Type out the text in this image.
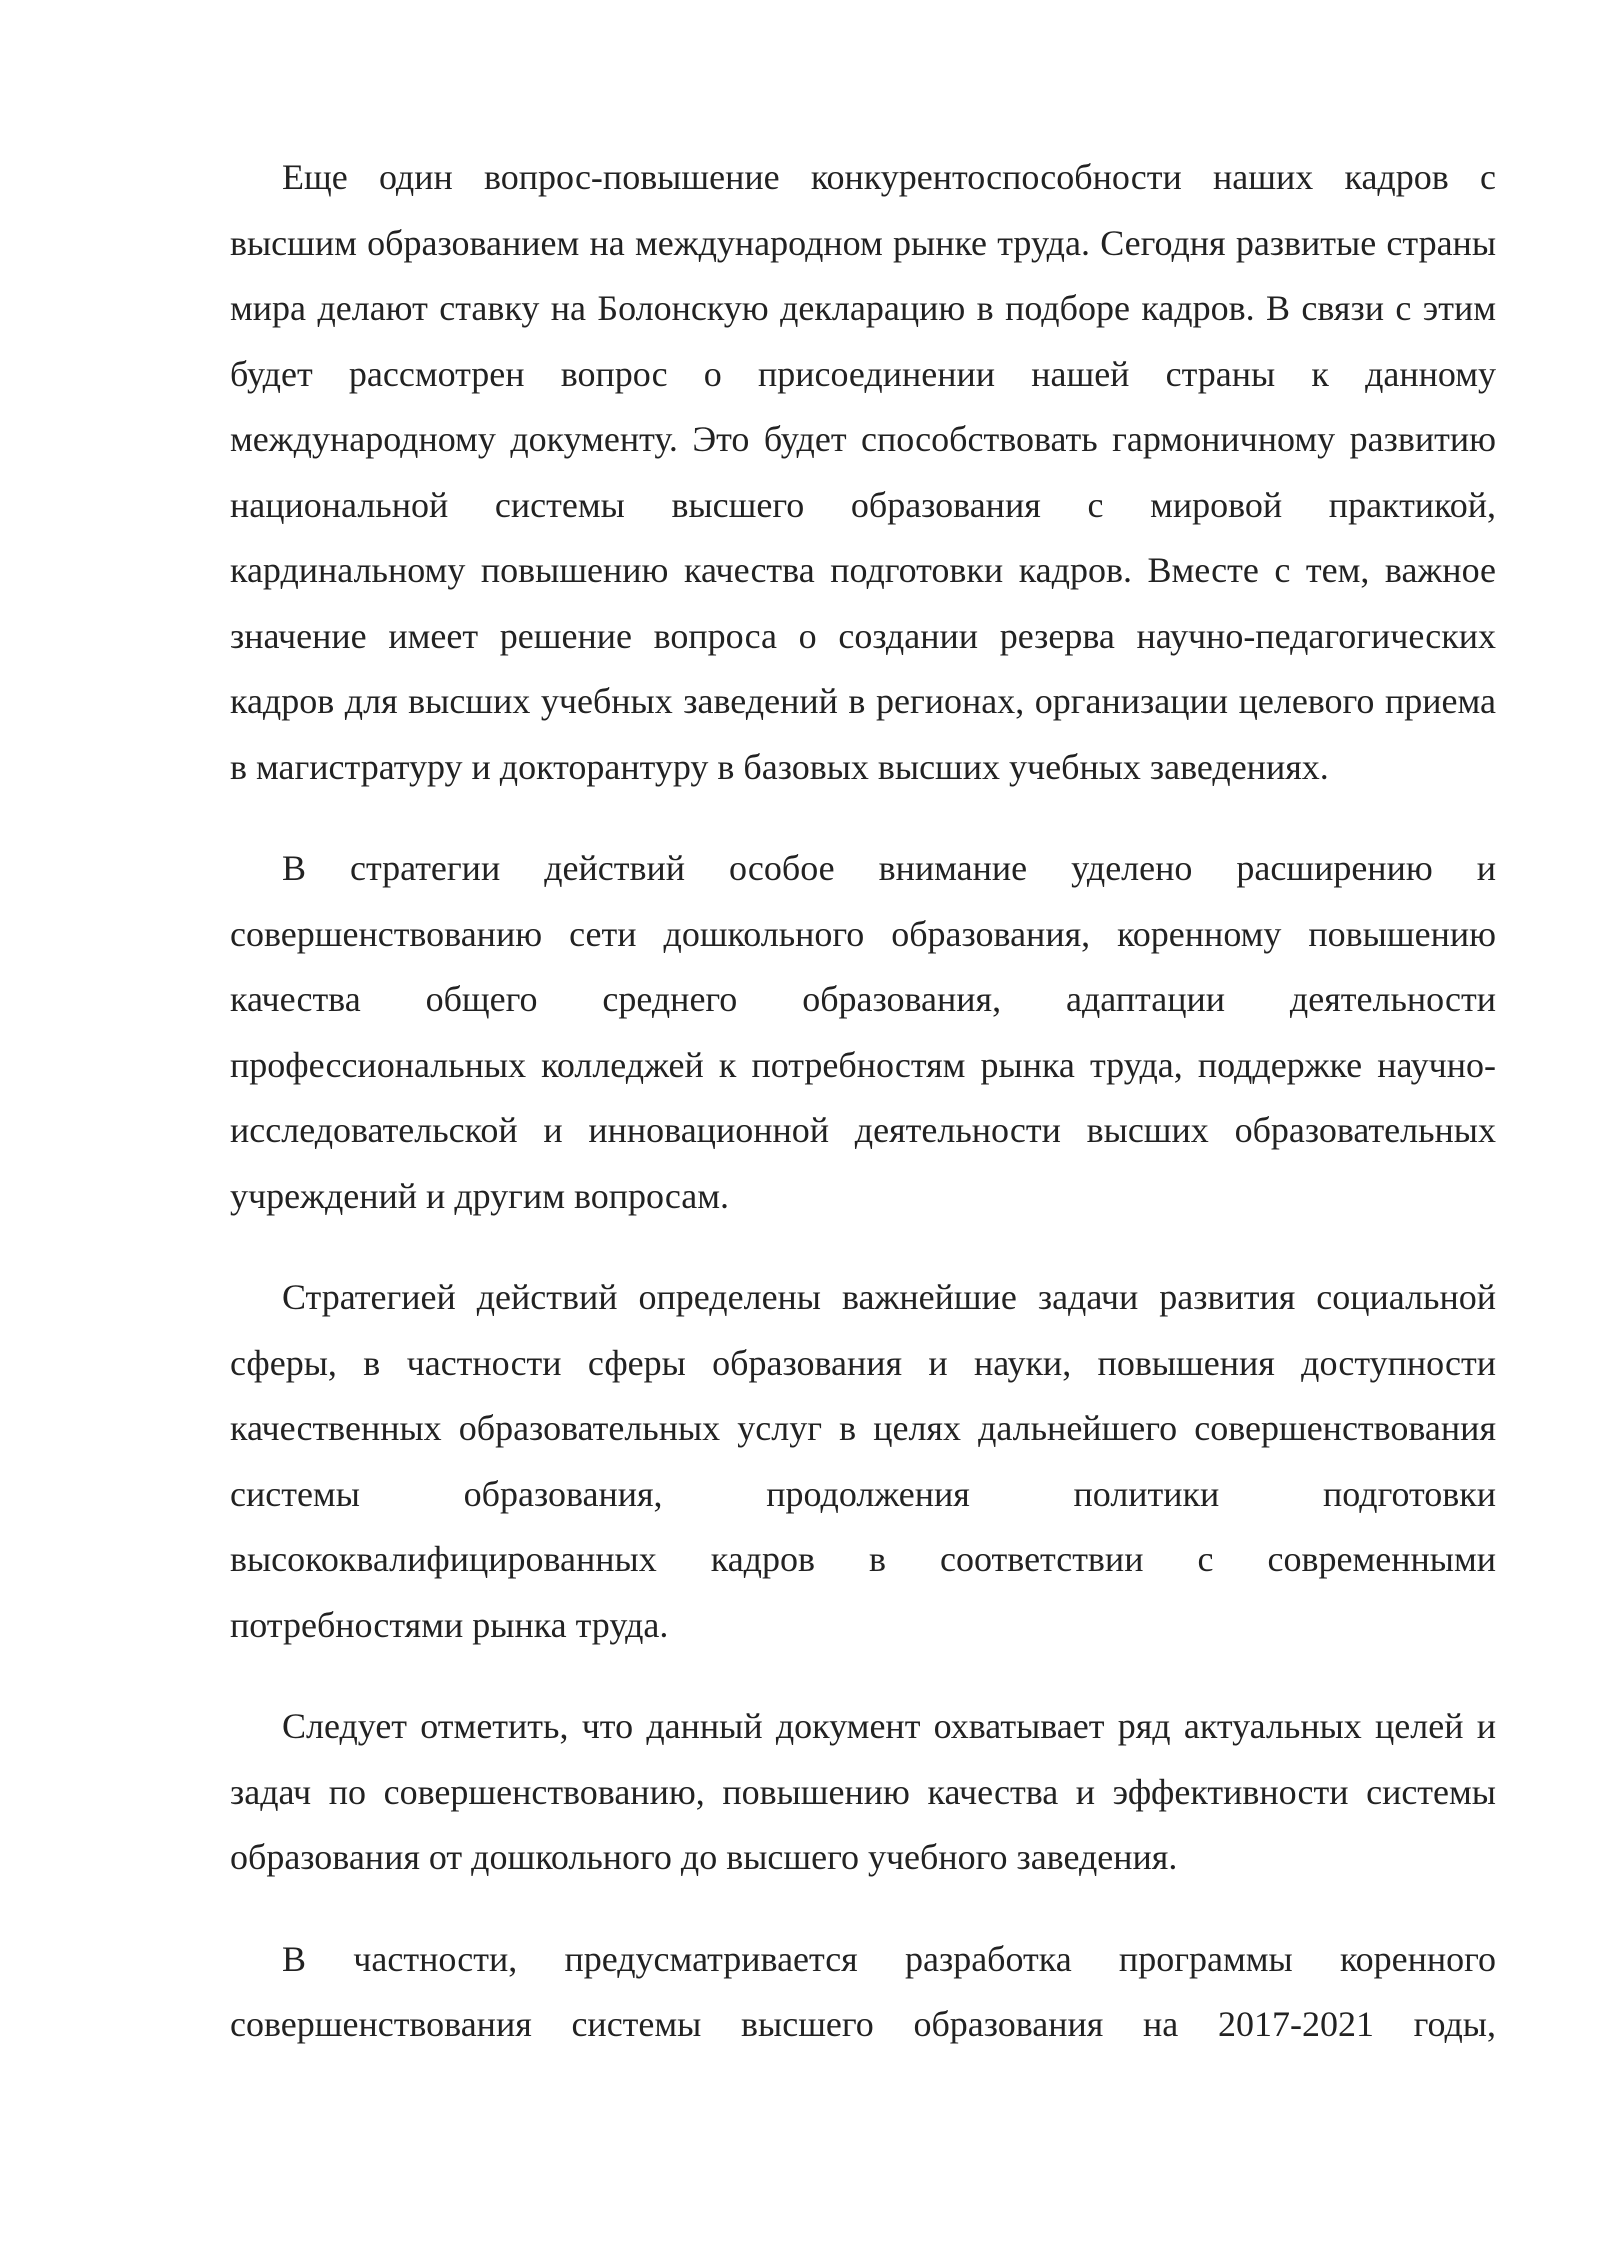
Еще один вопрос-повышение конкурентоспособности наших кадров с высшим образованием на международном рынке труда. Сегодня развитые страны мира делают ставку на Болонскую декларацию в подборе кадров. В связи с этим будет рассмотрен вопрос о присоединении нашей страны к данному международному документу. Это будет способствовать гармоничному развитию национальной системы высшего образования с мировой практикой, кардинальному повышению качества подготовки кадров. Вместе с тем, важное значение имеет решение вопроса о создании резерва научно-педагогических кадров для высших учебных заведений в регионах, организации целевого приема в магистратуру и докторантуру в базовых высших учебных заведениях.

В стратегии действий особое внимание уделено расширению и совершенствованию сети дошкольного образования, коренному повышению качества общего среднего образования, адаптации деятельности профессиональных колледжей к потребностям рынка труда, поддержке научно-исследовательской и инновационной деятельности высших образовательных учреждений и другим вопросам.

Стратегией действий определены важнейшие задачи развития социальной сферы, в частности сферы образования и науки, повышения доступности качественных образовательных услуг в целях дальнейшего совершенствования системы образования, продолжения политики подготовки высококвалифицированных кадров в соответствии с современными потребностями рынка труда.

Следует отметить, что данный документ охватывает ряд актуальных целей и задач по совершенствованию, повышению качества и эффективности системы образования от дошкольного до высшего учебного заведения.

В частности, предусматривается разработка программы коренного совершенствования системы высшего образования на 2017-2021 годы,
